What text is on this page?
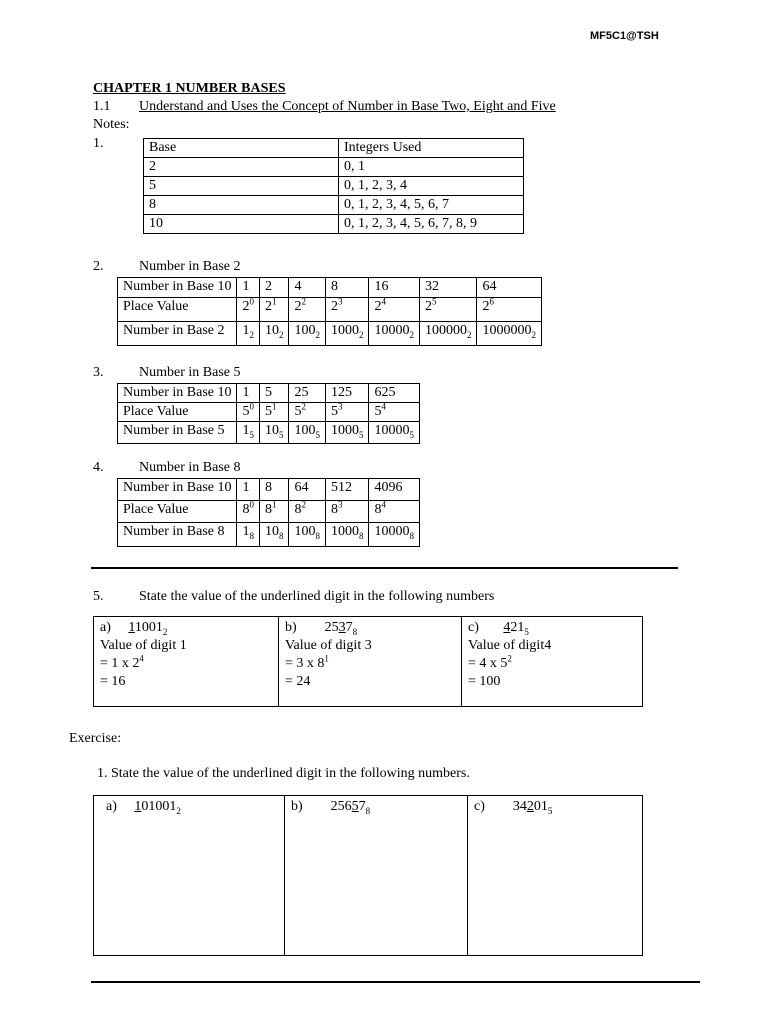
MF5C1@TSH
CHAPTER 1 NUMBER BASES
1.1 Understand and Uses the Concept of Number in Base Two, Eight and Five
Notes:
1.	Base	Integers Used
2	0, 1
5	0, 1, 2, 3, 4
8	0, 1, 2, 3, 4, 5, 6, 7
10	0, 1, 2, 3, 4, 5, 6, 7, 8, 9
2.	Number in Base 2
Number in Base 10	1	2	4	8	16	32	64
Place Value	$2^0$	$2^1$	$2^2$	$2^3$	$2^4$	$2^5$	$2^6$
Number in Base 2	$1_2$	$10_2$	$100_2$	$1000_2$	$10000_2$	$100000_2$	$1000000_2$
3.	Number in Base 5
Number in Base 10	1	5	25	125	625
Place Value	$5^0$	$5^1$	$5^2$	$5^3$	$5^4$
Number in Base 5	$1_5$	$10_5$	$100_5$	$1000_5$	$10000_5$
4.	Number in Base 8
Number in Base 10	1	8	64	512	4096
Place Value	$8^0$	$8^1$	$8^2$	$8^3$	$8^4$
Number in Base 8	$1_8$	$10_8$	$100_8$	$1000_8$	$10000_8$
5.	State the value of the underlined digit in the following numbers
a) $11001_2$
Value of digit 1
= 1 x $2^4$
= 16

b) $2537_8$
Value of digit 3
= 3 x $8^1$
= 24

c) $421_5$
Value of digit4
= 4 x $5^2$
= 100
Exercise:
1. State the value of the underlined digit in the following numbers.
a) $101001_2$	b) $25657_8$	c) $34201_5$
